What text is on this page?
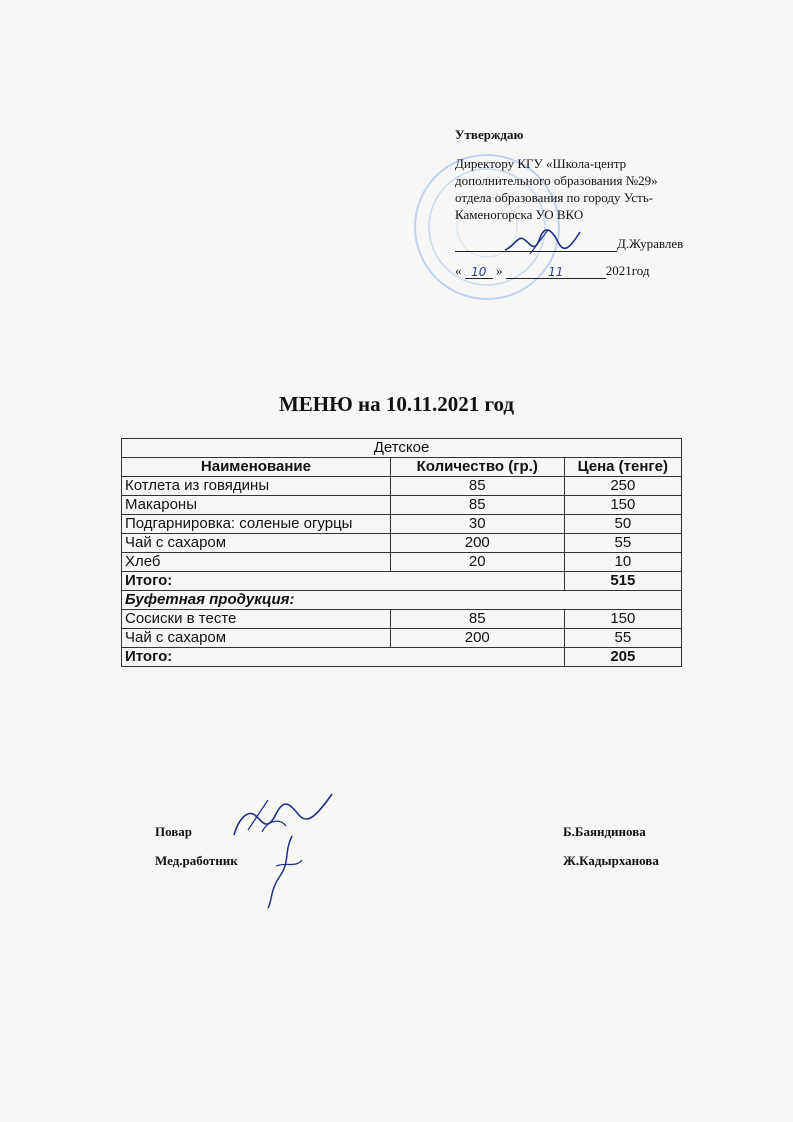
Утверждаю
Директору КГУ «Школа-центр
дополнительного образования №29»
отдела образования по городу Усть-
Каменогорска УО ВКО
Д.Журавлев
« 10 »	11	2021год
МЕНЮ на 10.11.2021 год
Детское		
Наименование	Количество (гр.)	Цена (тенге)
Котлета из говядины	85	250
Макароны	85	150
Подгарнировка: соленые огурцы	30	50
Чай с сахаром	200	55
Хлеб	20	10
Итого:		515
Буфетная продукция:		
Сосиски в тесте	85	150
Чай с сахаром	200	55
Итого:		205
Повар	Б.Баяндинова
Мед.работник	Ж.Кадырханова
